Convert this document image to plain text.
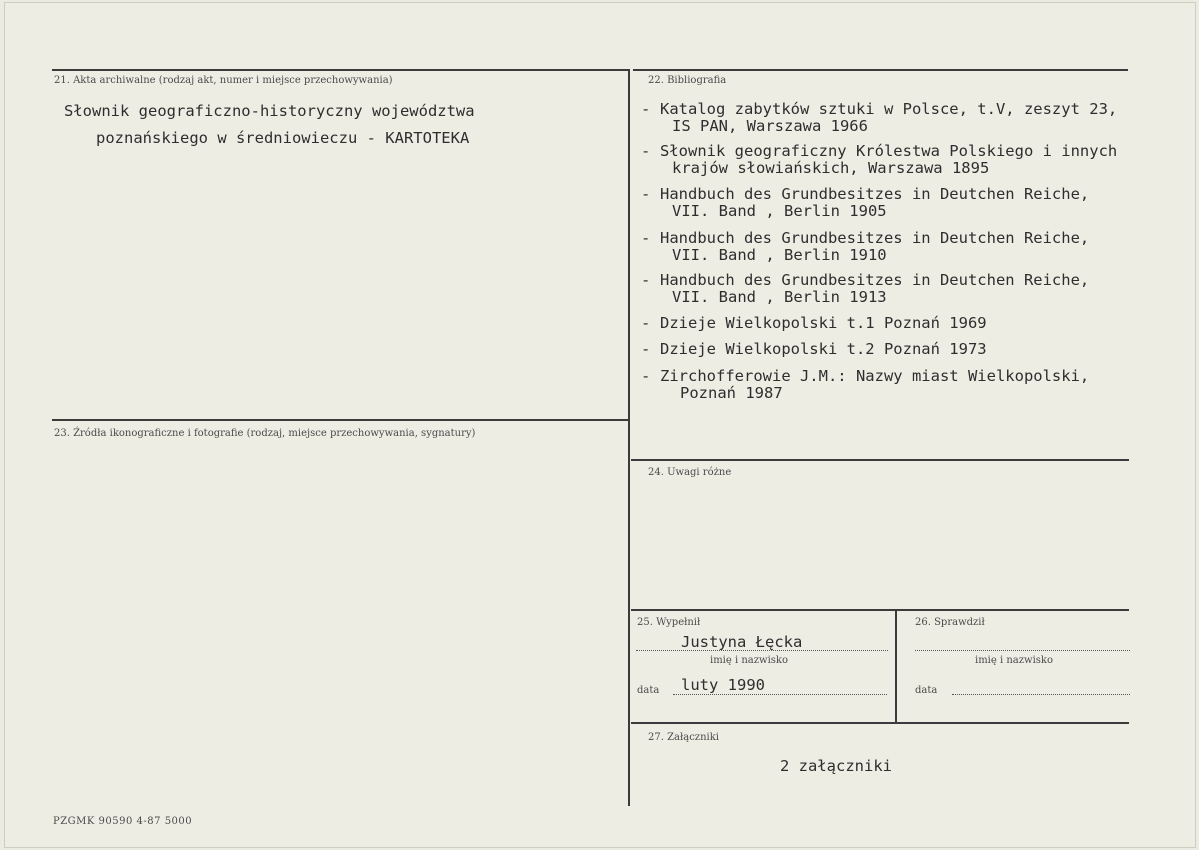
21. Akta archiwalne (rodzaj akt, numer i miejsce przechowywania)
Słownik geograficzno-historyczny województwa
poznańskiego w średniowieczu - KARTOTEKA
22. Bibliografia

-

Katalog zabytków sztuki w Polsce, t.V, zeszyt 23,

IS PAN, Warszawa 1966

-

Słownik geograficzny Królestwa Polskiego i innych

krajów słowiańskich, Warszawa 1895

-

Handbuch des Grundbesitzes in Deutchen Reiche,

VII. Band , Berlin 1905

-

Handbuch des Grundbesitzes in Deutchen Reiche,

VII. Band , Berlin 1910

-

Handbuch des Grundbesitzes in Deutchen Reiche,

VII. Band , Berlin 1913

-

Dzieje Wielkopolski t.1 Poznań 1969

-

Dzieje Wielkopolski t.2 Poznań 1973

-

Zirchofferowie J.M.: Nazwy miast Wielkopolski,

Poznań 1987

23. Źródła ikonograficzne i fotografie (rodzaj, miejsce przechowywania, sygnatury)
24. Uwagi różne
25. Wypełnił
Justyna Łęcka
imię i nazwisko
data luty 1990
26. Sprawdził
imię i nazwisko
data
27. Załączniki
2 załączniki
PZGMK 90590 4-87 5000
